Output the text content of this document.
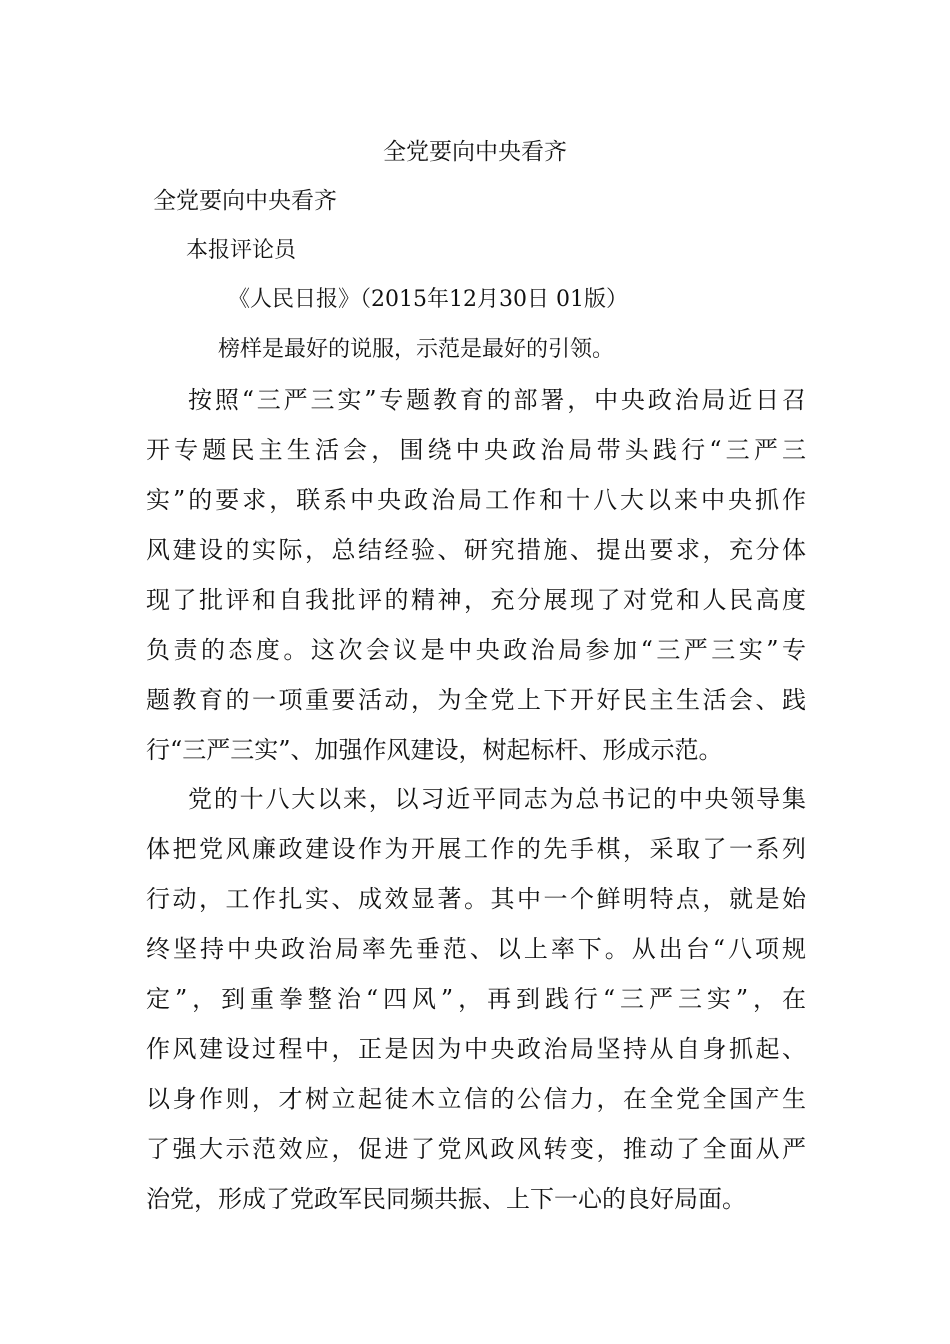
全党要向中央看齐
全党要向中央看齐
本报评论员
《人民日报》（2015年12月30日 01版）
榜样是最好的说服，示范是最好的引领。
按照“三严三实”专题教育的部署，中央政治局近日召
开专题民主生活会，围绕中央政治局带头践行“三严三
实”的要求，联系中央政治局工作和十八大以来中央抓作
风建设的实际，总结经验、研究措施、提出要求，充分体
现了批评和自我批评的精神，充分展现了对党和人民高度
负责的态度。这次会议是中央政治局参加“三严三实”专
题教育的一项重要活动，为全党上下开好民主生活会、践
行“三严三实”、加强作风建设，树起标杆、形成示范。
党的十八大以来，以习近平同志为总书记的中央领导集
体把党风廉政建设作为开展工作的先手棋，采取了一系列
行动，工作扎实、成效显著。其中一个鲜明特点，就是始
终坚持中央政治局率先垂范、以上率下。从出台“八项规
定”，到重拳整治“四风”，再到践行“三严三实”，在
作风建设过程中，正是因为中央政治局坚持从自身抓起、
以身作则，才树立起徒木立信的公信力，在全党全国产生
了强大示范效应，促进了党风政风转变，推动了全面从严
治党，形成了党政军民同频共振、上下一心的良好局面。
